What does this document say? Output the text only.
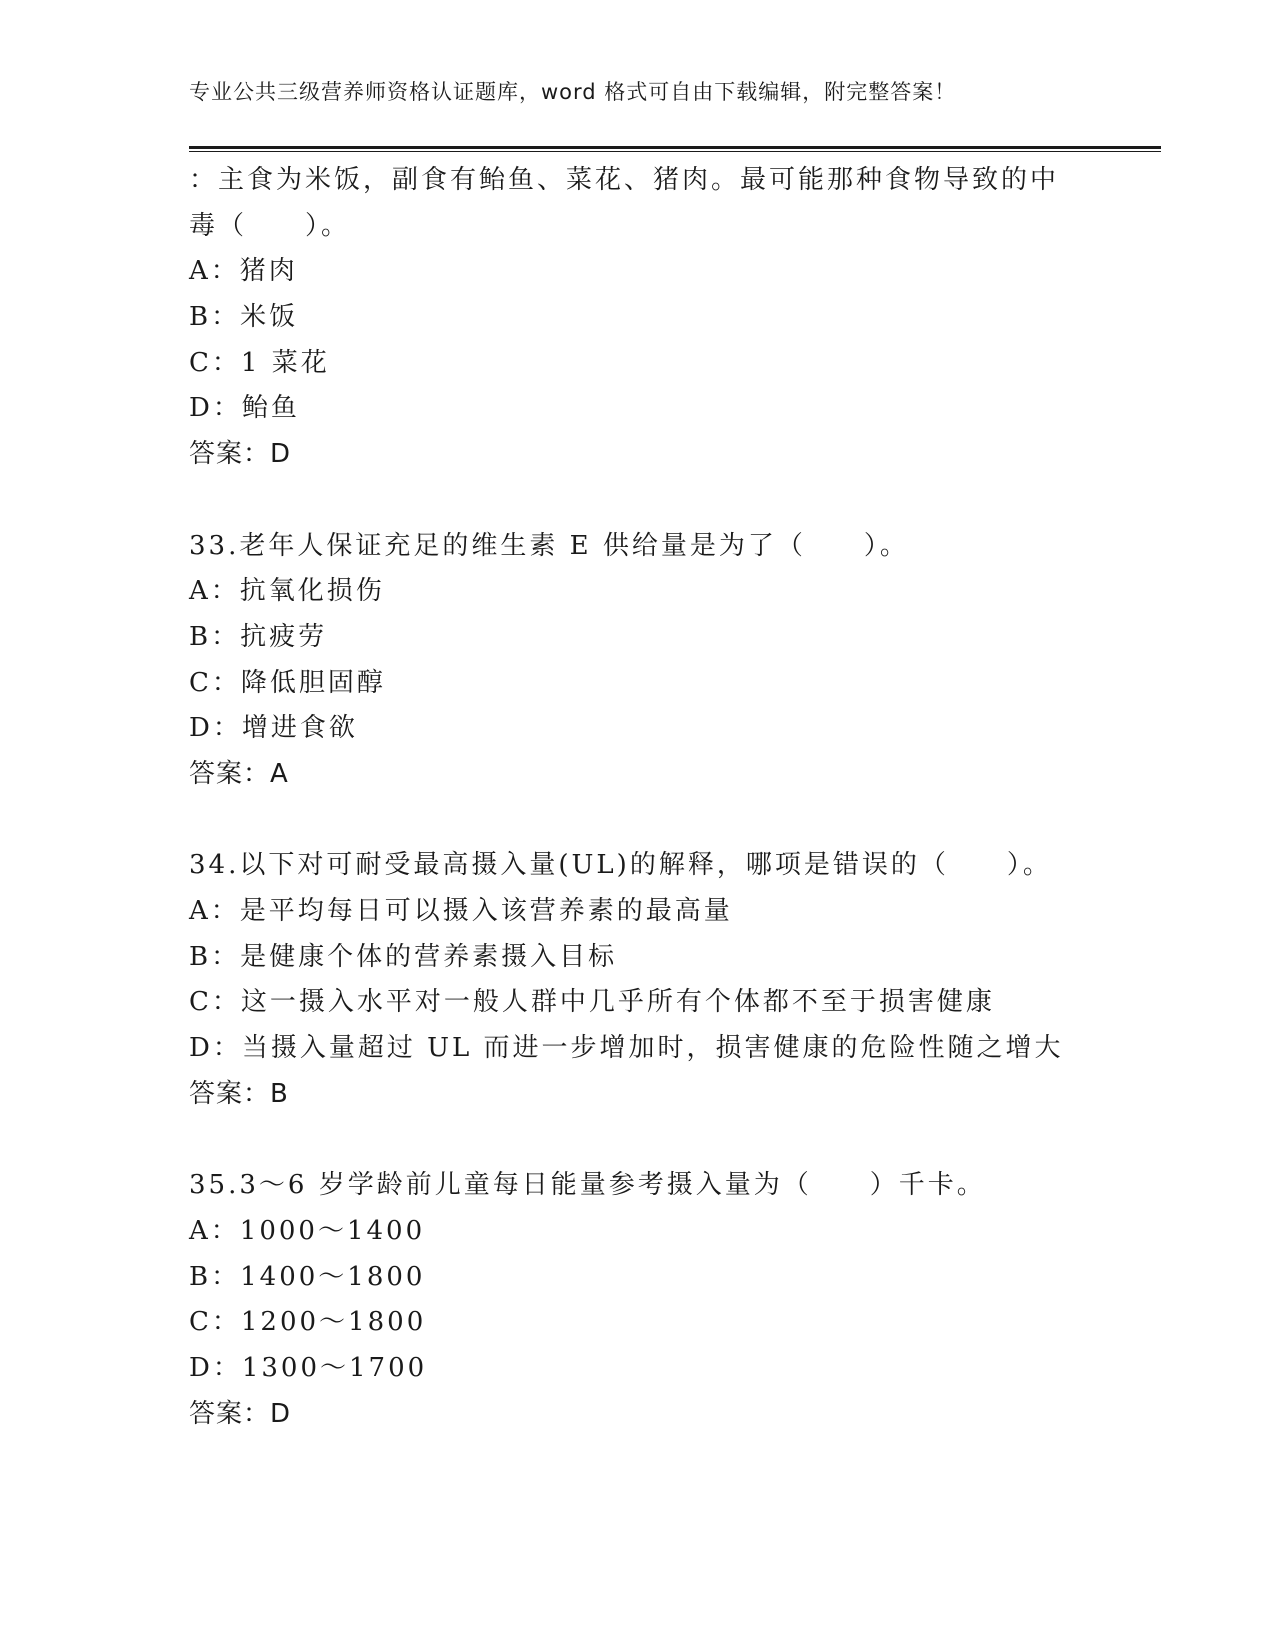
专业公共三级营养师资格认证题库，word 格式可自由下载编辑，附完整答案！
：主食为米饭，副食有鲐鱼、菜花、猪肉。最可能那种食物导致的中
毒（　　）。
A：猪肉
B：米饭
C：1 菜花
D：鲐鱼
答案：D
33.老年人保证充足的维生素 E 供给量是为了（　　）。
A：抗氧化损伤
B：抗疲劳
C：降低胆固醇
D：增进食欲
答案：A
34.以下对可耐受最高摄入量(UL)的解释，哪项是错误的（　　）。
A：是平均每日可以摄入该营养素的最高量
B：是健康个体的营养素摄入目标
C：这一摄入水平对一般人群中几乎所有个体都不至于损害健康
D：当摄入量超过 UL 而进一步增加时，损害健康的危险性随之增大
答案：B
35.3～6 岁学龄前儿童每日能量参考摄入量为（　　）千卡。
A：1000～1400
B：1400～1800
C：1200～1800
D：1300～1700
答案：D
